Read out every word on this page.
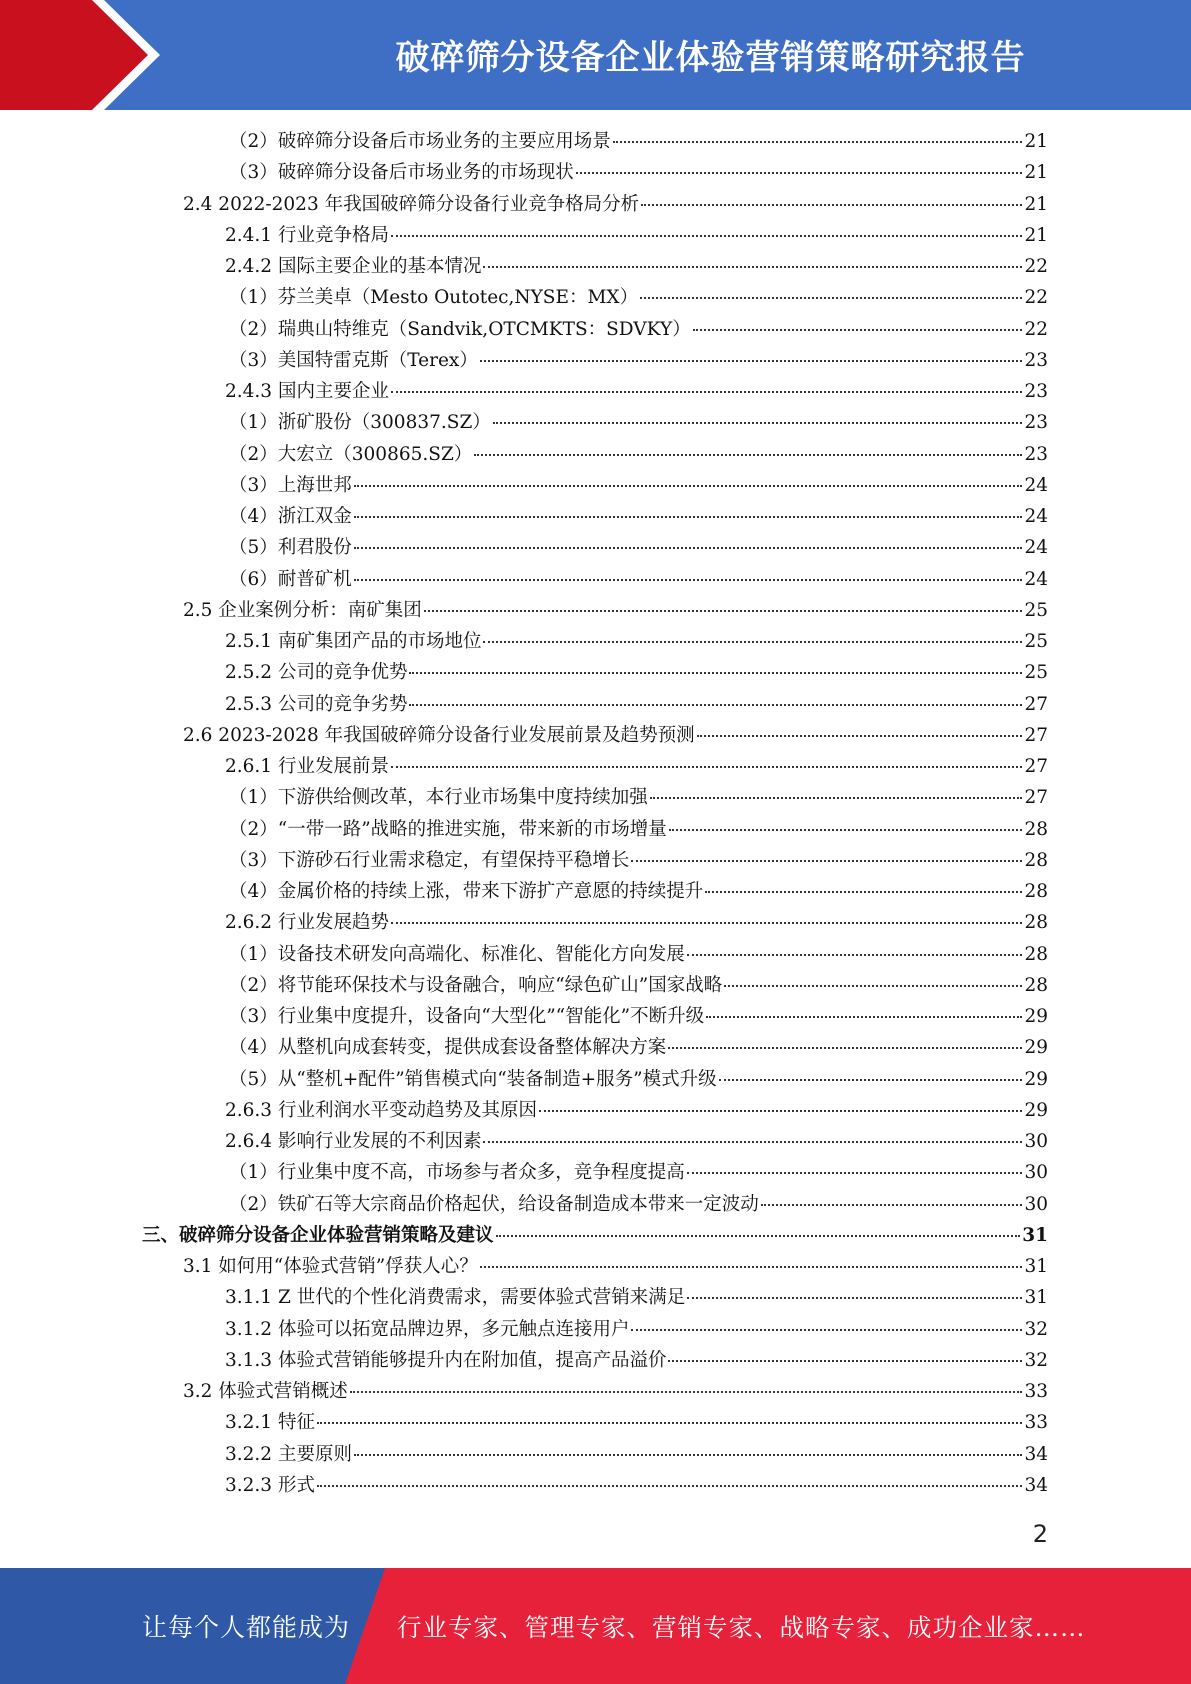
破碎筛分设备企业体验营销策略研究报告
（2）破碎筛分设备后市场业务的主要应用场景	21
（3）破碎筛分设备后市场业务的市场现状	21
2.4 2022-2023 年我国破碎筛分设备行业竞争格局分析	21
2.4.1 行业竞争格局	21
2.4.2 国际主要企业的基本情况	22
（1）芬兰美卓（Mesto Outotec,NYSE：MX）	22
（2）瑞典山特维克（Sandvik,OTCMKTS：SDVKY）	22
（3）美国特雷克斯（Terex）	23
2.4.3 国内主要企业	23
（1）浙矿股份（300837.SZ）	23
（2）大宏立（300865.SZ）	23
（3）上海世邦	24
（4）浙江双金	24
（5）利君股份	24
（6）耐普矿机	24
2.5 企业案例分析：南矿集团	25
2.5.1 南矿集团产品的市场地位	25
2.5.2 公司的竞争优势	25
2.5.3 公司的竞争劣势	27
2.6 2023-2028 年我国破碎筛分设备行业发展前景及趋势预测	27
2.6.1 行业发展前景	27
（1）下游供给侧改革，本行业市场集中度持续加强	27
（2）“一带一路”战略的推进实施，带来新的市场增量	28
（3）下游砂石行业需求稳定，有望保持平稳增长	28
（4）金属价格的持续上涨，带来下游扩产意愿的持续提升	28
2.6.2 行业发展趋势	28
（1）设备技术研发向高端化、标准化、智能化方向发展	28
（2）将节能环保技术与设备融合，响应“绿色矿山”国家战略	28
（3）行业集中度提升，设备向“大型化”“智能化”不断升级	29
（4）从整机向成套转变，提供成套设备整体解决方案	29
（5）从“整机+配件”销售模式向“装备制造+服务”模式升级	29
2.6.3 行业利润水平变动趋势及其原因	29
2.6.4 影响行业发展的不利因素	30
（1）行业集中度不高，市场参与者众多，竞争程度提高	30
（2）铁矿石等大宗商品价格起伏，给设备制造成本带来一定波动	30
三、破碎筛分设备企业体验营销策略及建议	31
3.1 如何用“体验式营销”俘获人心？	31
3.1.1 Z 世代的个性化消费需求，需要体验式营销来满足	31
3.1.2 体验可以拓宽品牌边界，多元触点连接用户	32
3.1.3 体验式营销能够提升内在附加值，提高产品溢价	32
3.2 体验式营销概述	33
3.2.1 特征	33
3.2.2 主要原则	34
3.2.3 形式	34
2
让每个人都能成为 行业专家、管理专家、营销专家、战略专家、成功企业家……
